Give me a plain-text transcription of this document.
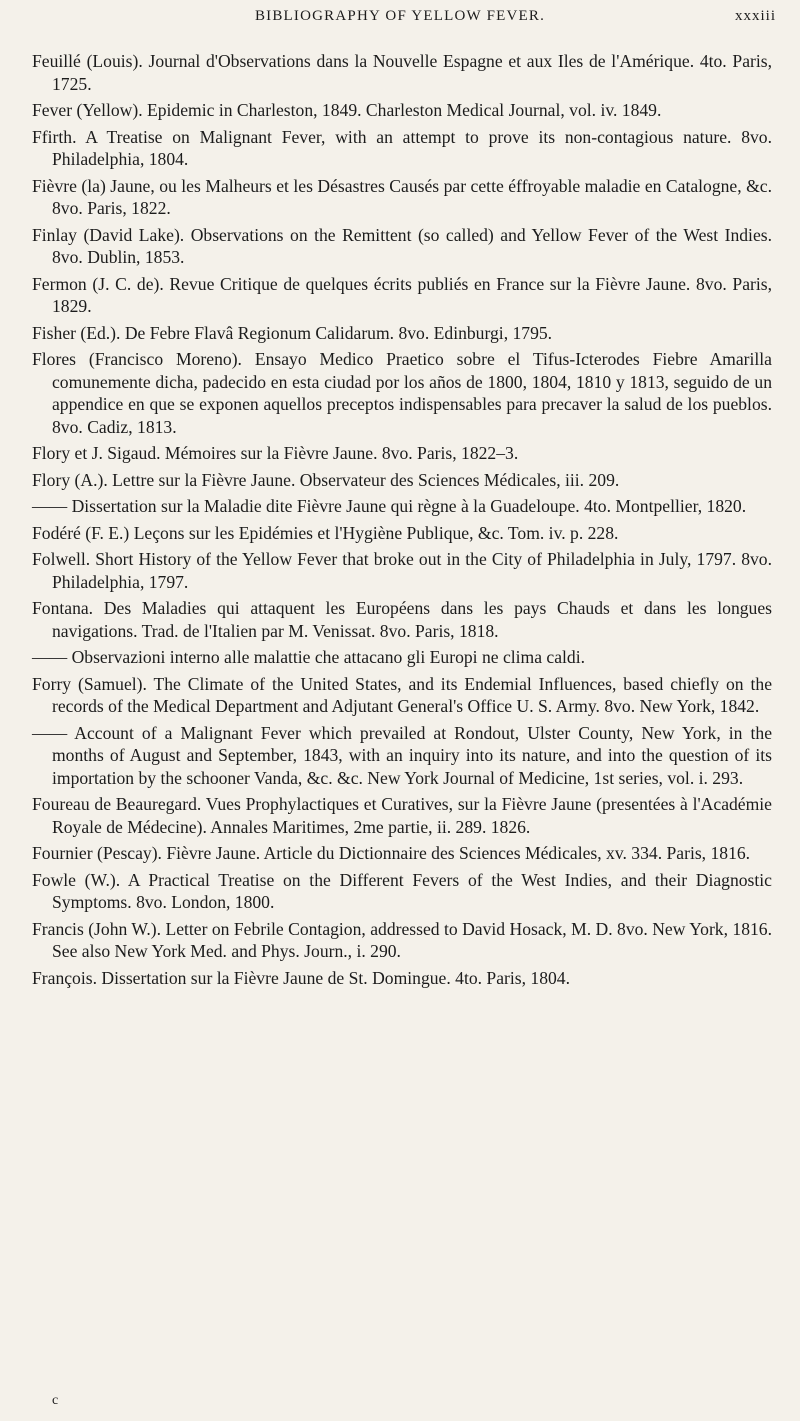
BIBLIOGRAPHY OF YELLOW FEVER.	xxxiii

Feuillé (Louis). Journal d'Observations dans la Nouvelle Espagne et aux Iles de l'Amérique. 4to. Paris, 1725.

Fever (Yellow). Epidemic in Charleston, 1849. Charleston Medical Journal, vol. iv. 1849.

Ffirth. A Treatise on Malignant Fever, with an attempt to prove its non-contagious nature. 8vo. Philadelphia, 1804.

Fièvre (la) Jaune, ou les Malheurs et les Désastres Causés par cette éffroyable maladie en Catalogne, &c. 8vo. Paris, 1822.

Finlay (David Lake). Observations on the Remittent (so called) and Yellow Fever of the West Indies. 8vo. Dublin, 1853.

Fermon (J. C. de). Revue Critique de quelques écrits publiés en France sur la Fièvre Jaune. 8vo. Paris, 1829.

Fisher (Ed.). De Febre Flavâ Regionum Calidarum. 8vo. Edinburgi, 1795.

Flores (Francisco Moreno). Ensayo Medico Praetico sobre el Tifus-Icterodes Fiebre Amarilla comunemente dicha, padecido en esta ciudad por los años de 1800, 1804, 1810 y 1813, seguido de un appendice en que se exponen aquellos preceptos indispensables para precaver la salud de los pueblos. 8vo. Cadiz, 1813.

Flory et J. Sigaud. Mémoires sur la Fièvre Jaune. 8vo. Paris, 1822–3.

Flory (A.). Lettre sur la Fièvre Jaune. Observateur des Sciences Médicales, iii. 209.

—— Dissertation sur la Maladie dite Fièvre Jaune qui règne à la Guadeloupe. 4to. Montpellier, 1820.

Fodéré (F. E.) Leçons sur les Epidémies et l'Hygiène Publique, &c. Tom. iv. p. 228.

Folwell. Short History of the Yellow Fever that broke out in the City of Philadelphia in July, 1797. 8vo. Philadelphia, 1797.

Fontana. Des Maladies qui attaquent les Européens dans les pays Chauds et dans les longues navigations. Trad. de l'Italien par M. Venissat. 8vo. Paris, 1818.

—— Observazioni interno alle malattie che attacano gli Europi ne clima caldi.

Forry (Samuel). The Climate of the United States, and its Endemial Influences, based chiefly on the records of the Medical Department and Adjutant General's Office U. S. Army. 8vo. New York, 1842.

—— Account of a Malignant Fever which prevailed at Rondout, Ulster County, New York, in the months of August and September, 1843, with an inquiry into its nature, and into the question of its importation by the schooner Vanda, &c. &c. New York Journal of Medicine, 1st series, vol. i. 293.

Foureau de Beauregard. Vues Prophylactiques et Curatives, sur la Fièvre Jaune (presentées à l'Académie Royale de Médecine). Annales Maritimes, 2me partie, ii. 289. 1826.

Fournier (Pescay). Fièvre Jaune. Article du Dictionnaire des Sciences Médicales, xv. 334. Paris, 1816.

Fowle (W.). A Practical Treatise on the Different Fevers of the West Indies, and their Diagnostic Symptoms. 8vo. London, 1800.

Francis (John W.). Letter on Febrile Contagion, addressed to David Hosack, M. D. 8vo. New York, 1816. See also New York Med. and Phys. Journ., i. 290.

François. Dissertation sur la Fièvre Jaune de St. Domingue. 4to. Paris, 1804.

c
